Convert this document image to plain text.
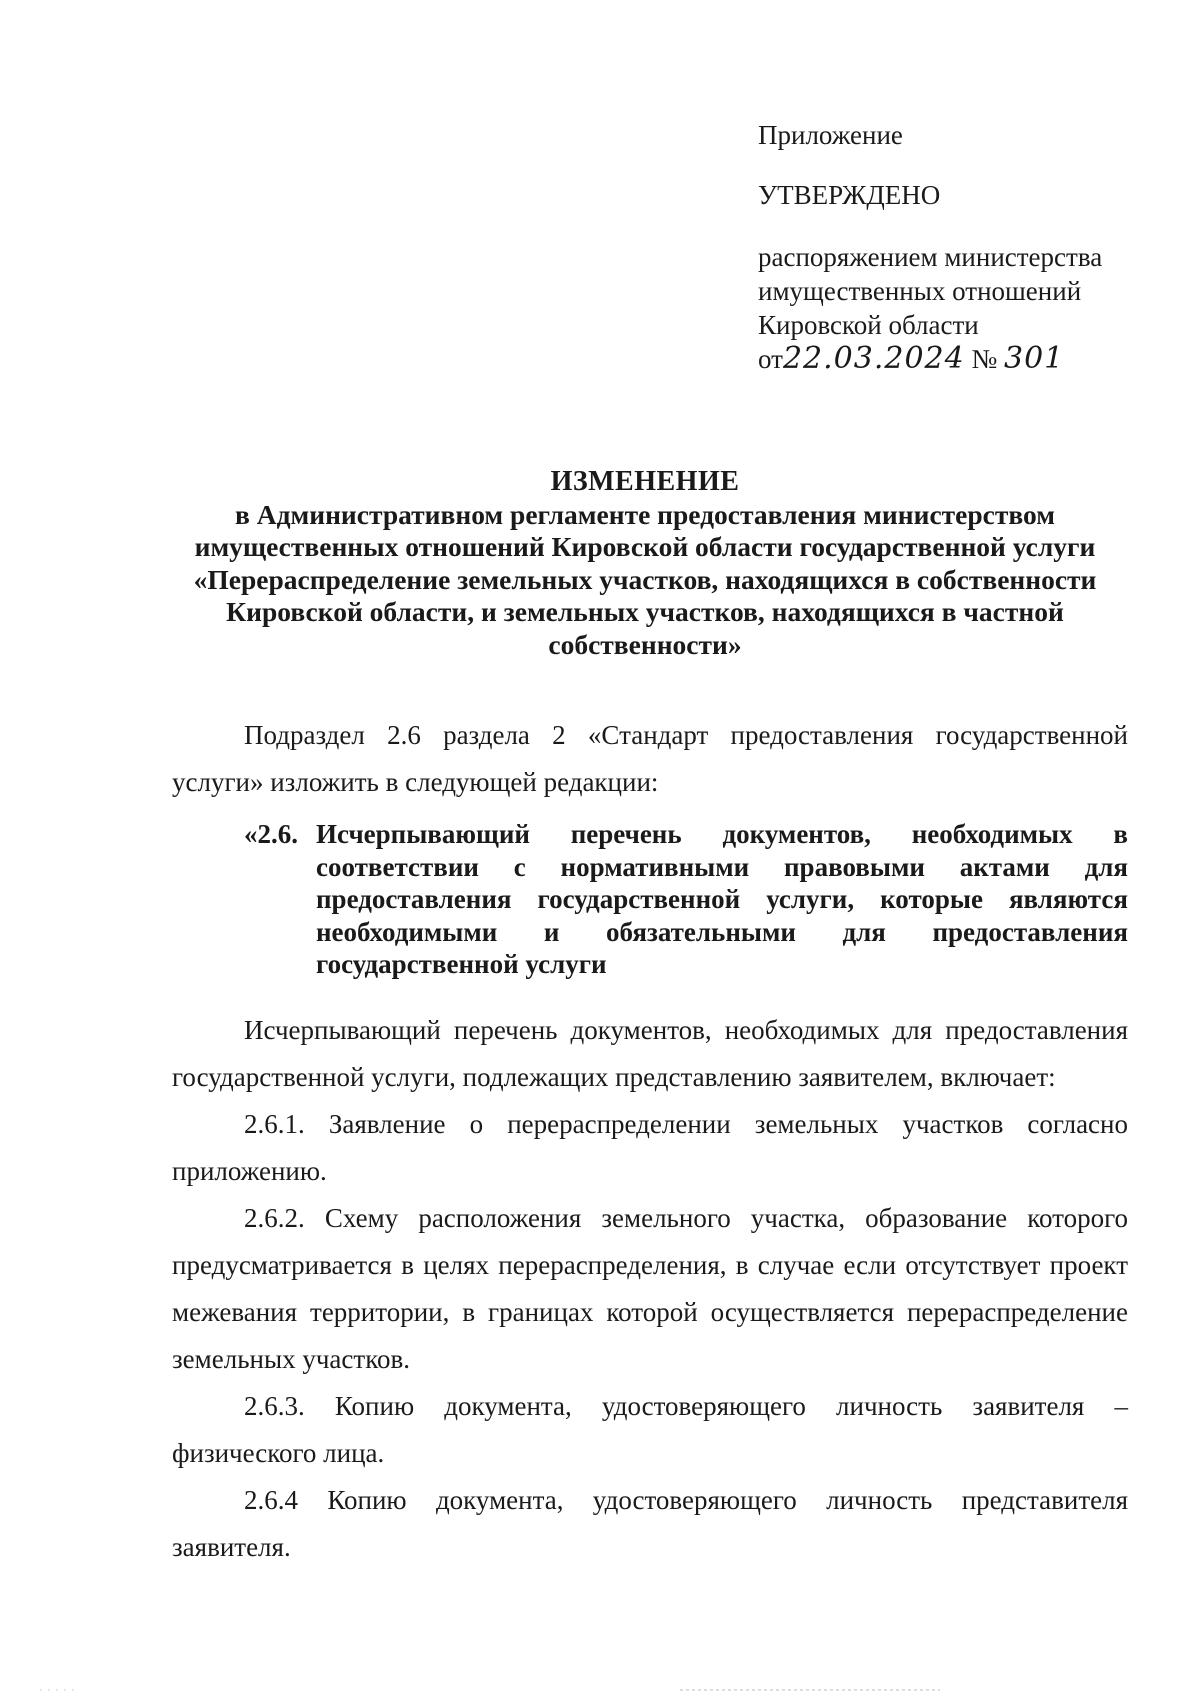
Приложение
УТВЕРЖДЕНО
распоряжением министерства
имущественных отношений
Кировской области
от22.03.2024 № 301
ИЗМЕНЕНИЕ
в Административном регламенте предоставления министерством
имущественных отношений Кировской области государственной услуги
«Перераспределение земельных участков, находящихся в собственности
Кировской области, и земельных участков, находящихся в частной
собственности»

Подраздел 2.6 раздела 2 «Стандарт предоставления государственной услуги» изложить в следующей редакции:

«2.6. Исчерпывающий перечень документов, необходимых в соответствии с нормативными правовыми актами для предоставления государственной услуги, которые являются необходимыми и обязательными для предоставления государственной услуги

Исчерпывающий перечень документов, необходимых для предоставления государственной услуги, подлежащих представлению заявителем, включает:

2.6.1. Заявление о перераспределении земельных участков согласно приложению.

2.6.2. Схему расположения земельного участка, образование которого предусматривается в целях перераспределения, в случае если отсутствует проект межевания территории, в границах которой осуществляется перераспределение земельных участков.

2.6.3. Копию документа, удостоверяющего личность заявителя – физического лица.

2.6.4 Копию документа, удостоверяющего личность представителя заявителя.
